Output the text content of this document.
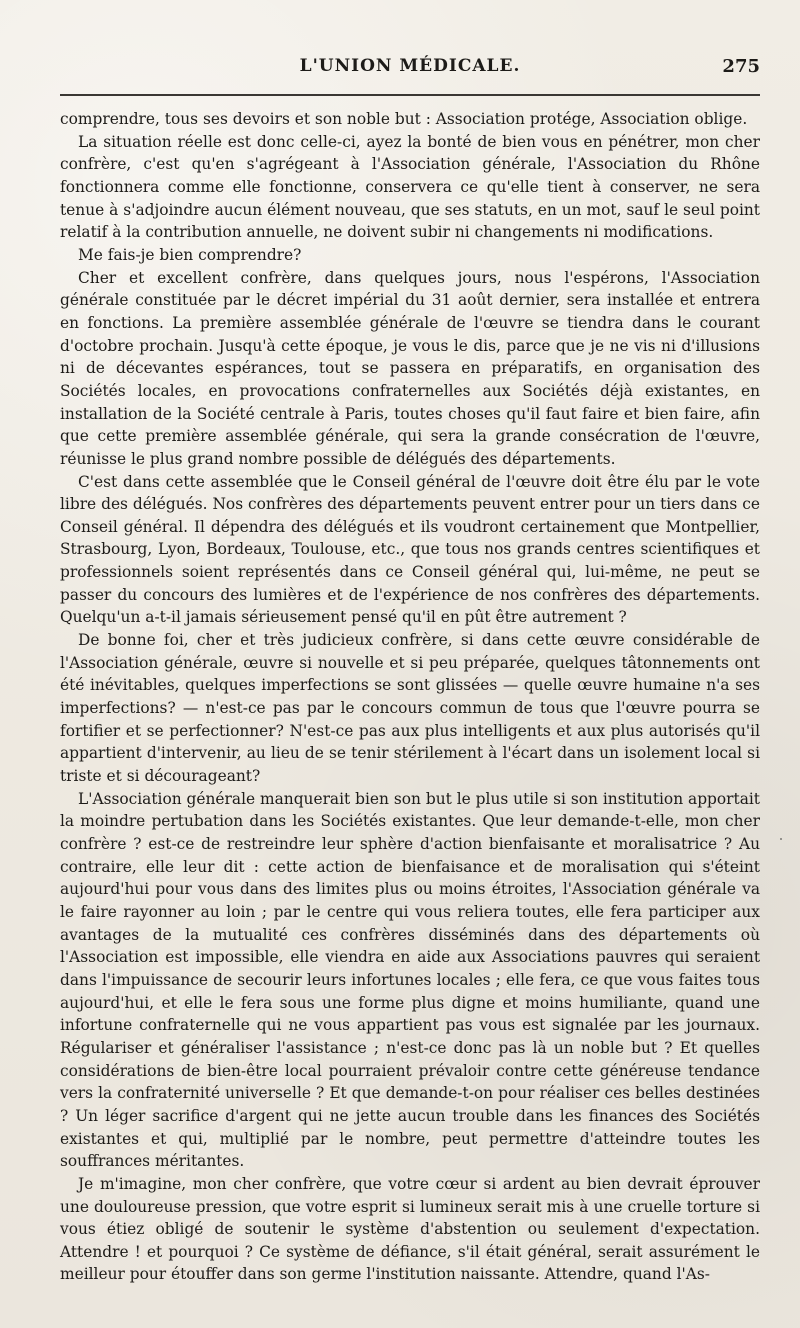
L'UNION MÉDICALE.	275

comprendre, tous ses devoirs et son noble but : Association protége, Association oblige.

La situation réelle est donc celle-ci, ayez la bonté de bien vous en pénétrer, mon cher confrère, c'est qu'en s'agrégeant à l'Association générale, l'Association du Rhône fonctionnera comme elle fonctionne, conservera ce qu'elle tient à conserver, ne sera tenue à s'adjoindre aucun élément nouveau, que ses statuts, en un mot, sauf le seul point relatif à la contribution annuelle, ne doivent subir ni changements ni modifications.

Me fais-je bien comprendre?

Cher et excellent confrère, dans quelques jours, nous l'espérons, l'Association générale constituée par le décret impérial du 31 août dernier, sera installée et entrera en fonctions. La première assemblée générale de l'œuvre se tiendra dans le courant d'octobre prochain. Jusqu'à cette époque, je vous le dis, parce que je ne vis ni d'illusions ni de décevantes espérances, tout se passera en préparatifs, en organisation des Sociétés locales, en provocations confraternelles aux Sociétés déjà existantes, en installation de la Société centrale à Paris, toutes choses qu'il faut faire et bien faire, afin que cette première assemblée générale, qui sera la grande consécration de l'œuvre, réunisse le plus grand nombre possible de délégués des départements.

C'est dans cette assemblée que le Conseil général de l'œuvre doit être élu par le vote libre des délégués. Nos confrères des départements peuvent entrer pour un tiers dans ce Conseil général. Il dépendra des délégués et ils voudront certainement que Montpellier, Strasbourg, Lyon, Bordeaux, Toulouse, etc., que tous nos grands centres scientifiques et professionnels soient représentés dans ce Conseil général qui, lui-même, ne peut se passer du concours des lumières et de l'expérience de nos confrères des départements. Quelqu'un a-t-il jamais sérieusement pensé qu'il en pût être autrement ?

De bonne foi, cher et très judicieux confrère, si dans cette œuvre considérable de l'Association générale, œuvre si nouvelle et si peu préparée, quelques tâtonnements ont été inévitables, quelques imperfections se sont glissées — quelle œuvre humaine n'a ses imperfections? — n'est-ce pas par le concours commun de tous que l'œuvre pourra se fortifier et se perfectionner? N'est-ce pas aux plus intelligents et aux plus autorisés qu'il appartient d'intervenir, au lieu de se tenir stérilement à l'écart dans un isolement local si triste et si décourageant?

L'Association générale manquerait bien son but le plus utile si son institution apportait la moindre pertubation dans les Sociétés existantes. Que leur demande-t-elle, mon cher confrère ? est-ce de restreindre leur sphère d'action bienfaisante et moralisatrice ? Au contraire, elle leur dit : cette action de bienfaisance et de moralisation qui s'éteint aujourd'hui pour vous dans des limites plus ou moins étroites, l'Association générale va le faire rayonner au loin ; par le centre qui vous reliera toutes, elle fera participer aux avantages de la mutualité ces confrères disséminés dans des départements où l'Association est impossible, elle viendra en aide aux Associations pauvres qui seraient dans l'impuissance de secourir leurs infortunes locales ; elle fera, ce que vous faites tous aujourd'hui, et elle le fera sous une forme plus digne et moins humiliante, quand une infortune confraternelle qui ne vous appartient pas vous est signalée par les journaux. Régulariser et généraliser l'assistance ; n'est-ce donc pas là un noble but ? Et quelles considérations de bien-être local pourraient prévaloir contre cette généreuse tendance vers la confraternité universelle ? Et que demande-t-on pour réaliser ces belles destinées ? Un léger sacrifice d'argent qui ne jette aucun trouble dans les finances des Sociétés existantes et qui, multiplié par le nombre, peut permettre d'atteindre toutes les souffrances méritantes.

Je m'imagine, mon cher confrère, que votre cœur si ardent au bien devrait éprouver une douloureuse pression, que votre esprit si lumineux serait mis à une cruelle torture si vous étiez obligé de soutenir le système d'abstention ou seulement d'expectation. Attendre ! et pourquoi ? Ce système de défiance, s'il était général, serait assurément le meilleur pour étouffer dans son germe l'institution naissante. Attendre, quand l'As-
